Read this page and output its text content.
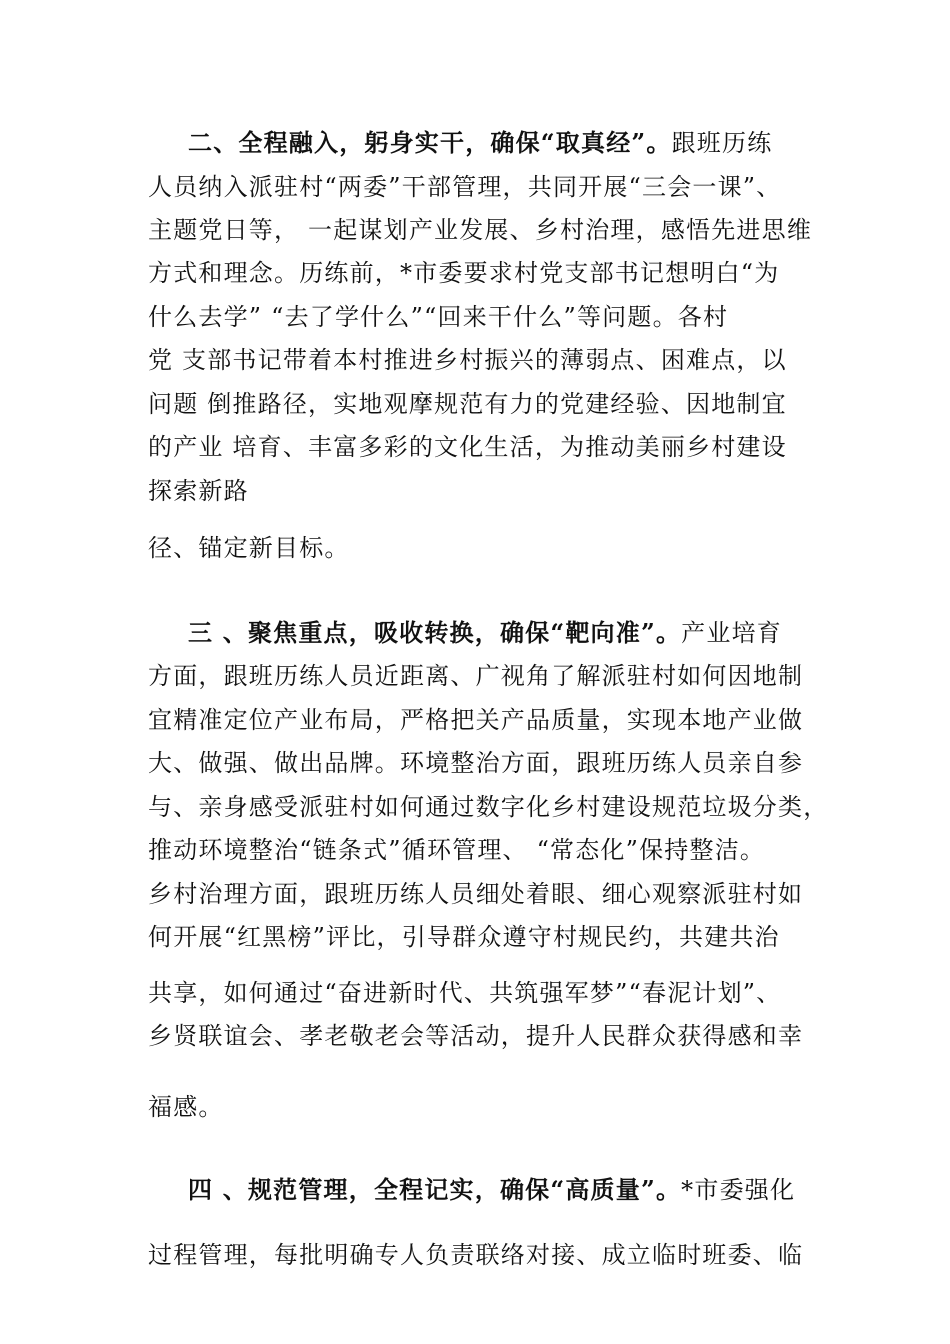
二、全程融入，躬身实干，确保“取真经”。跟班历练
人员纳入派驻村“两委”干部管理，共同开展“三会一课”、
主题党日等， 一起谋划产业发展、乡村治理，感悟先进思维
方式和理念。历练前，*市委要求村党支部书记想明白“为
什么去学” “去了学什么”“回来干什么”等问题。各村
党 支部书记带着本村推进乡村振兴的薄弱点、困难点，以
问题 倒推路径，实地观摩规范有力的党建经验、因地制宜
的产业 培育、丰富多彩的文化生活，为推动美丽乡村建设
探索新路
径、锚定新目标。
三 、聚焦重点，吸收转换，确保“靶向准”。产业培育
方面，跟班历练人员近距离、广视角了解派驻村如何因地制
宜精准定位产业布局，严格把关产品质量，实现本地产业做
大、做强、做出品牌。环境整治方面，跟班历练人员亲自参
与、亲身感受派驻村如何通过数字化乡村建设规范垃圾分类，
推动环境整治“链条式”循环管理、 “常态化”保持整洁。
乡村治理方面，跟班历练人员细处着眼、细心观察派驻村如
何开展“红黑榜”评比，引导群众遵守村规民约，共建共治
共享，如何通过“奋进新时代、共筑强军梦”“春泥计划”、
乡贤联谊会、孝老敬老会等活动，提升人民群众获得感和幸
福感。
四 、规范管理，全程记实，确保“高质量”。*市委强化
过程管理，每批明确专人负责联络对接、成立临时班委、临
